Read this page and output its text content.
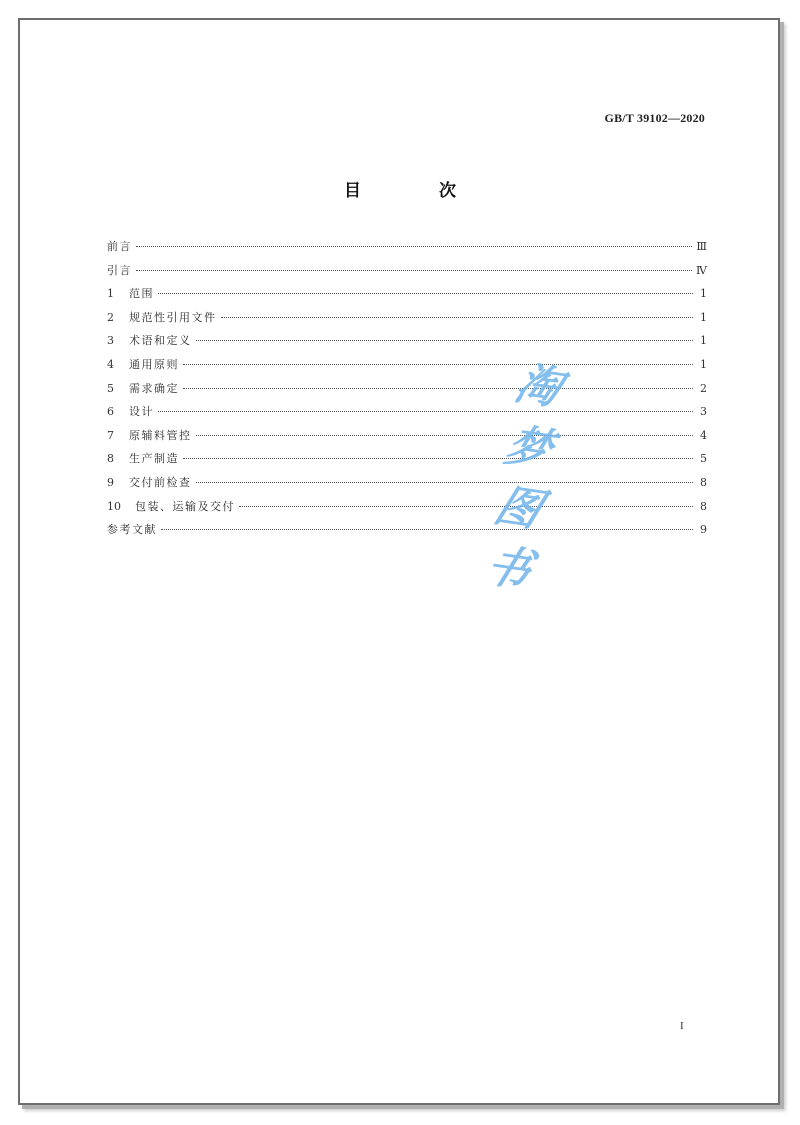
GB/T 39102—2020
目 次
前言	Ⅲ
引言	Ⅳ
1	范围	1
2	规范性引用文件	1
3	术语和定义	1
4	通用原则	1
5	需求确定	2
6	设计	3
7	原辅料管控	4
8	生产制造	5
9	交付前检查	8
10	包装、运输及交付	8
参考文献	9
淘
梦
图
书
I
